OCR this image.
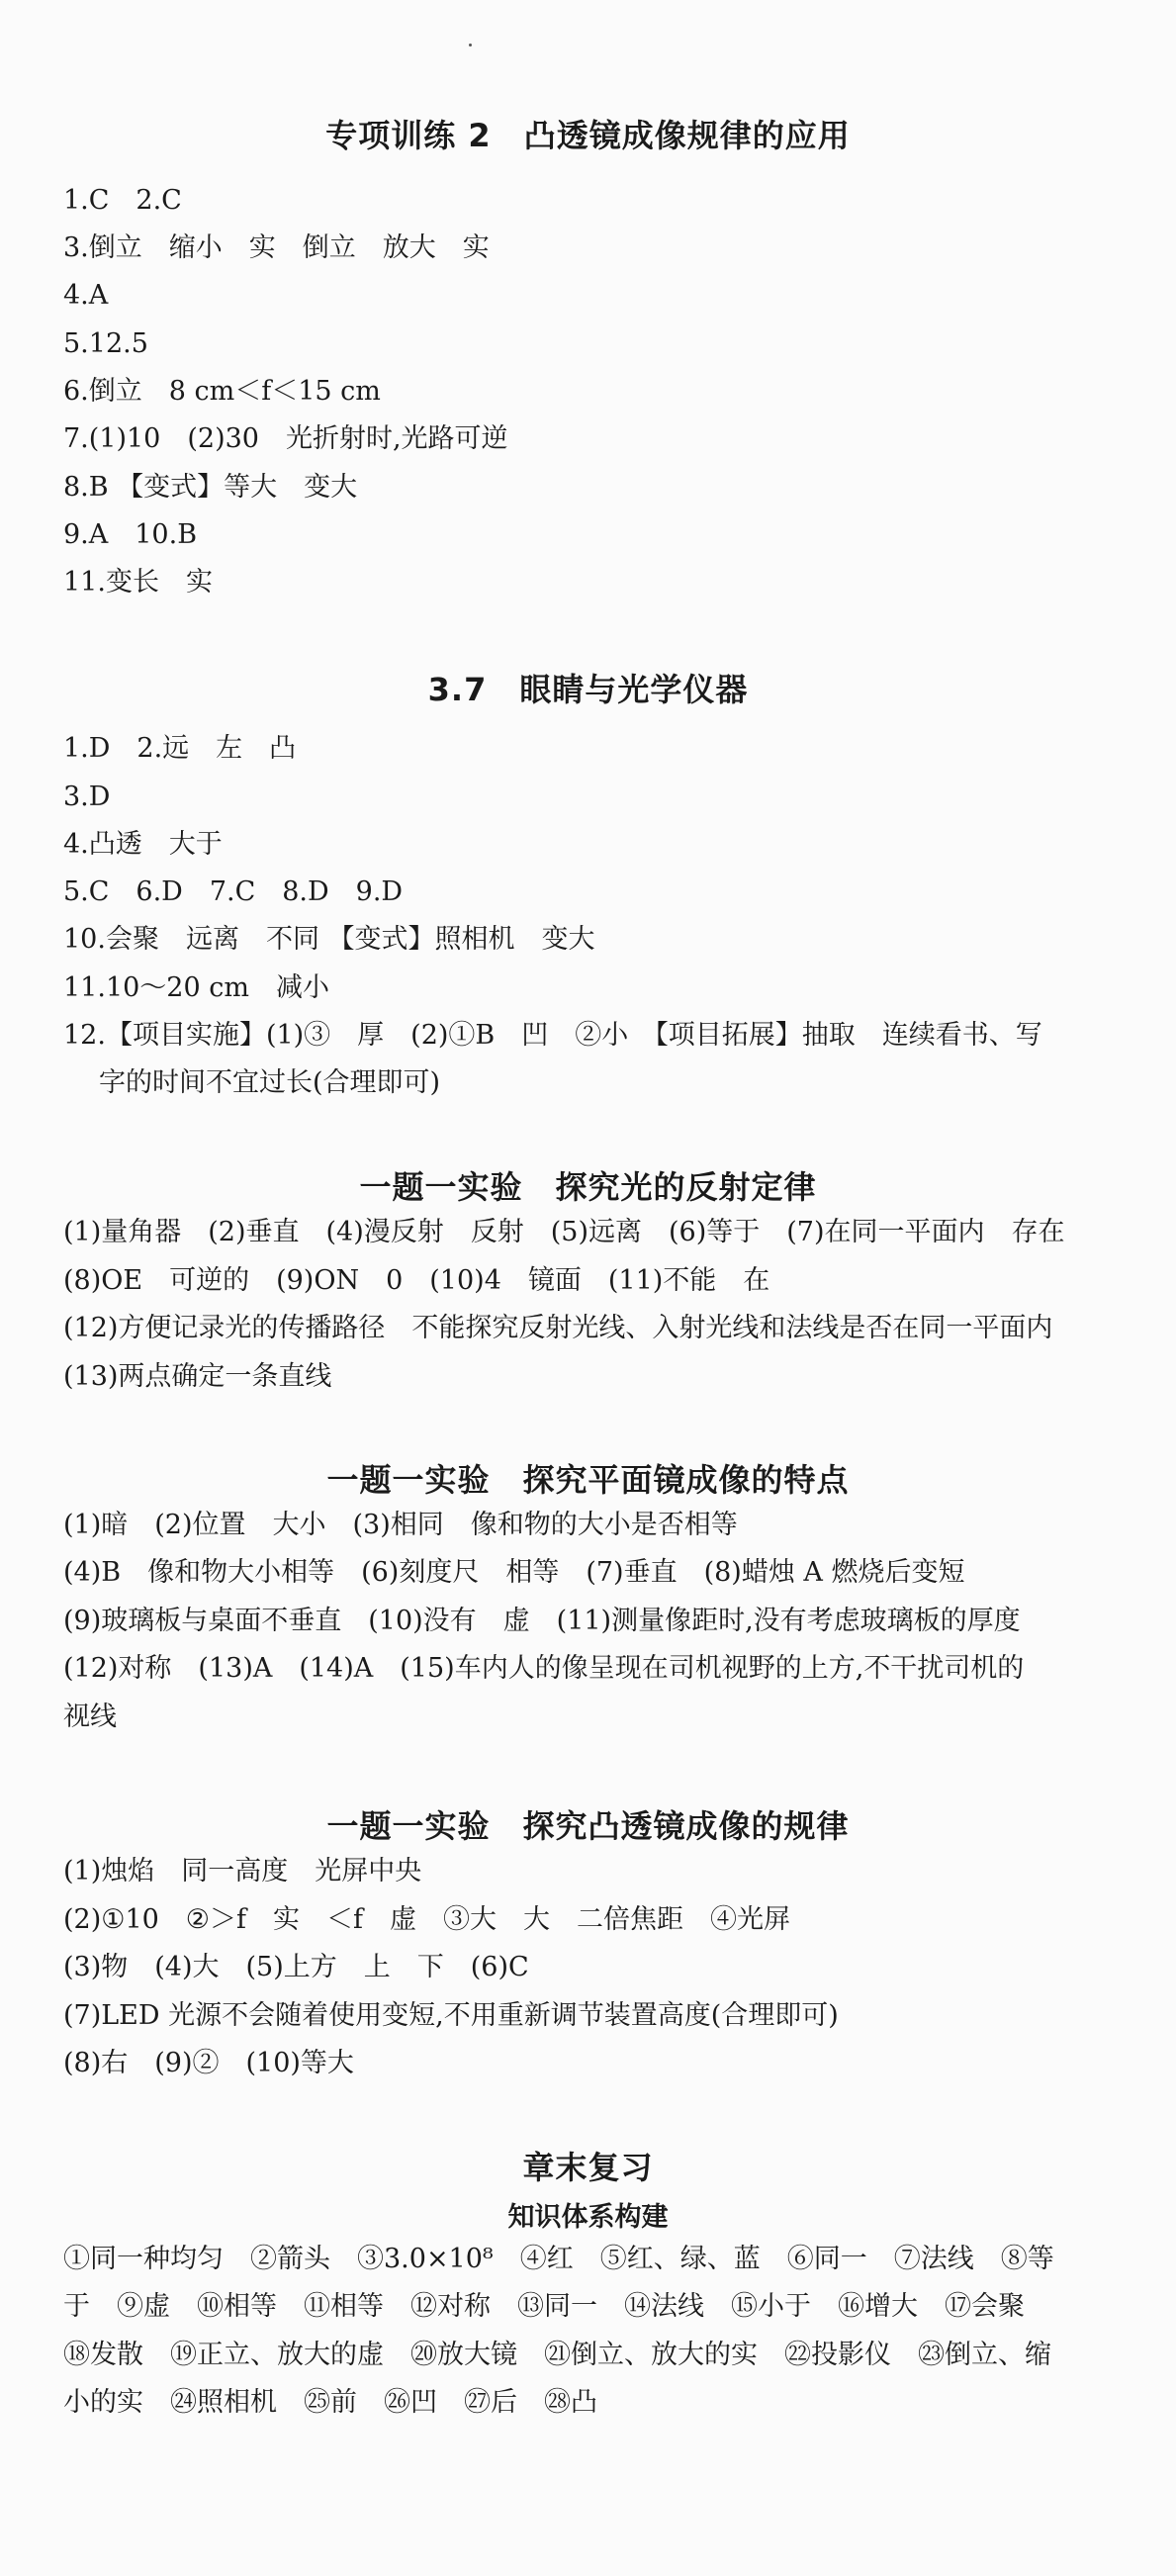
专项训练 2　凸透镜成像规律的应用
1.C　2.C
3.倒立　缩小　实　倒立　放大　实
4.A
5.12.5
6.倒立　8 cm＜f＜15 cm
7.(1)10　(2)30　光折射时,光路可逆
8.B 【变式】等大　变大
9.A　10.B
11.变长　实
3.7　眼睛与光学仪器
1.D　2.远　左　凸
3.D
4.凸透　大于
5.C　6.D　7.C　8.D　9.D
10.会聚　远离　不同 【变式】照相机　变大
11.10～20 cm　减小
12.【项目实施】(1)③　厚　(2)①B　凹　②小　【项目拓展】抽取　连续看书、写
字的时间不宜过长(合理即可)
一题一实验　探究光的反射定律
(1)量角器　(2)垂直　(4)漫反射　反射　(5)远离　(6)等于　(7)在同一平面内　存在
(8)OE　可逆的　(9)ON　0　(10)4　镜面　(11)不能　在
(12)方便记录光的传播路径　不能探究反射光线、入射光线和法线是否在同一平面内
(13)两点确定一条直线
一题一实验　探究平面镜成像的特点
(1)暗　(2)位置　大小　(3)相同　像和物的大小是否相等
(4)B　像和物大小相等　(6)刻度尺　相等　(7)垂直　(8)蜡烛 A 燃烧后变短
(9)玻璃板与桌面不垂直　(10)没有　虚　(11)测量像距时,没有考虑玻璃板的厚度
(12)对称　(13)A　(14)A　(15)车内人的像呈现在司机视野的上方,不干扰司机的
视线
一题一实验　探究凸透镜成像的规律
(1)烛焰　同一高度　光屏中央
(2)①10　②＞f　实　＜f　虚　③大　大　二倍焦距　④光屏
(3)物　(4)大　(5)上方　上　下　(6)C
(7)LED 光源不会随着使用变短,不用重新调节装置高度(合理即可)
(8)右　(9)②　(10)等大
章末复习
知识体系构建
①同一种均匀　②箭头　③3.0×10⁸　④红　⑤红、绿、蓝　⑥同一　⑦法线　⑧等
于　⑨虚　⑩相等　⑪相等　⑫对称　⑬同一　⑭法线　⑮小于　⑯增大　⑰会聚
⑱发散　⑲正立、放大的虚　⑳放大镜　㉑倒立、放大的实　㉒投影仪　㉓倒立、缩
小的实　㉔照相机　㉕前　㉖凹　㉗后　㉘凸
